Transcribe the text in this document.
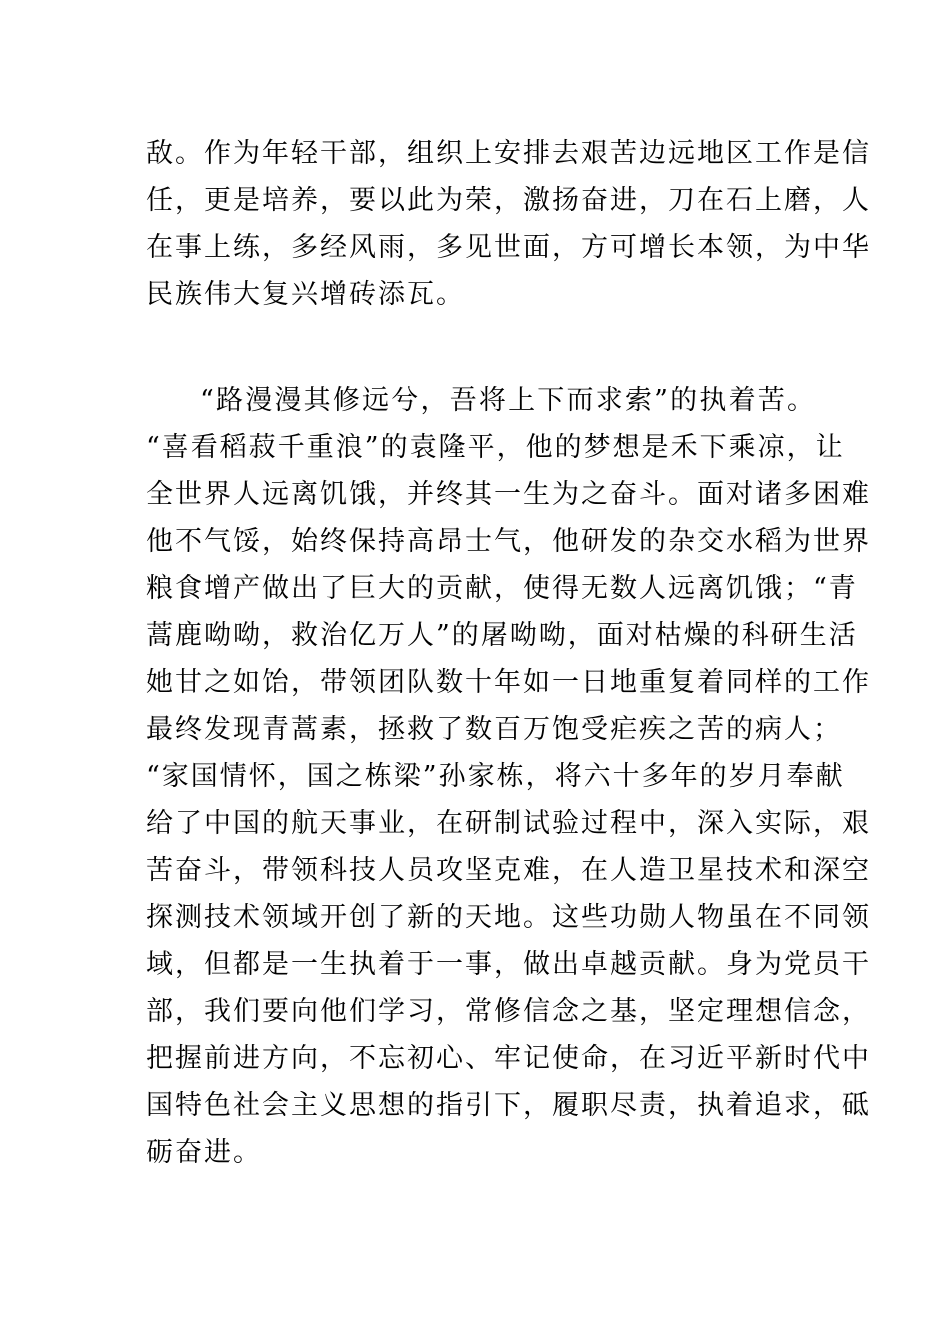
敌。作为年轻干部，组织上安排去艰苦边远地区工作是信
任，更是培养，要以此为荣，激扬奋进，刀在石上磨，人
在事上练，多经风雨，多见世面，方可增长本领，为中华
民族伟大复兴增砖添瓦。
“路漫漫其修远兮，吾将上下而求索”的执着苦。
“喜看稻菽千重浪”的袁隆平，他的梦想是禾下乘凉，让
全世界人远离饥饿，并终其一生为之奋斗。面对诸多困难
他不气馁，始终保持高昂士气，他研发的杂交水稻为世界
粮食增产做出了巨大的贡献，使得无数人远离饥饿；“青
蒿鹿呦呦，救治亿万人”的屠呦呦，面对枯燥的科研生活
她甘之如饴，带领团队数十年如一日地重复着同样的工作
最终发现青蒿素，拯救了数百万饱受疟疾之苦的病人；
“家国情怀，国之栋梁”孙家栋，将六十多年的岁月奉献
给了中国的航天事业，在研制试验过程中，深入实际，艰
苦奋斗，带领科技人员攻坚克难，在人造卫星技术和深空
探测技术领域开创了新的天地。这些功勋人物虽在不同领
域，但都是一生执着于一事，做出卓越贡献。身为党员干
部，我们要向他们学习，常修信念之基，坚定理想信念，
把握前进方向，不忘初心、牢记使命，在习近平新时代中
国特色社会主义思想的指引下，履职尽责，执着追求，砥
砺奋进。
